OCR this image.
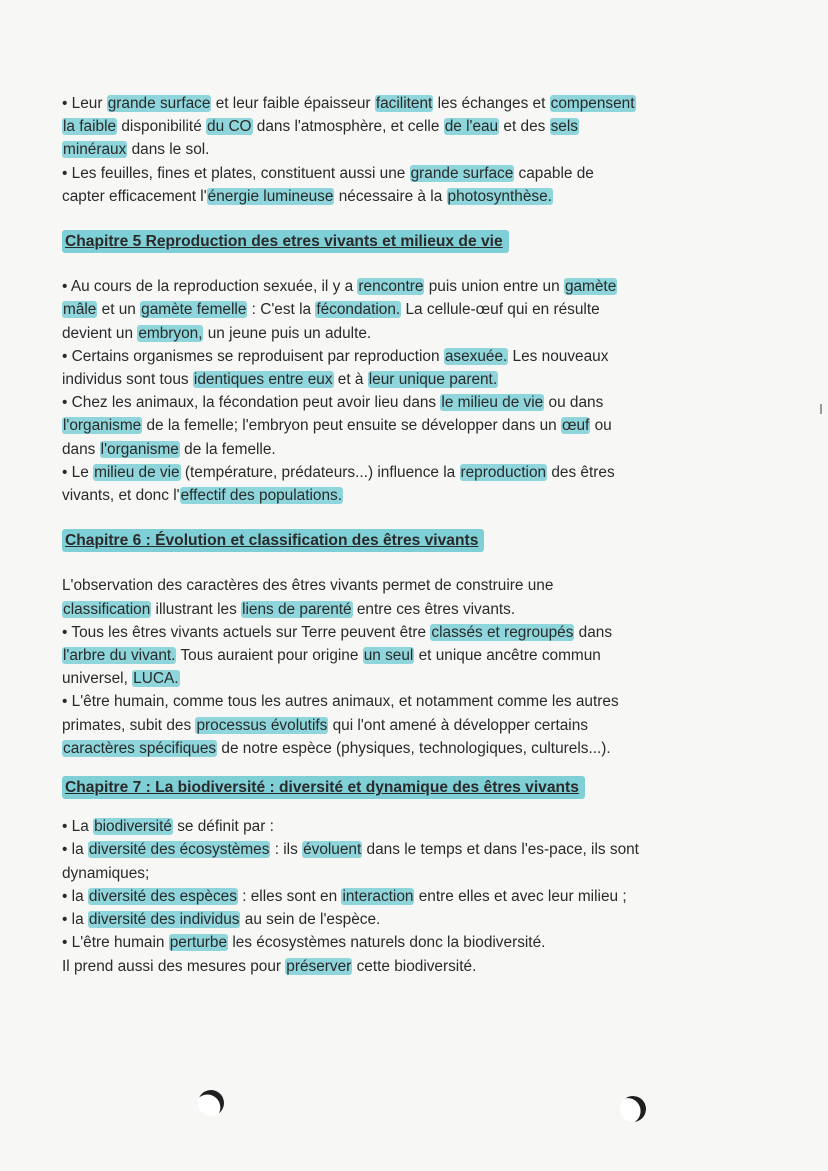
• Leur grande surface et leur faible épaisseur facilitent les échanges et compensent
la faible disponibilité du CO dans l'atmosphère, et celle de l'eau et des sels
minéraux dans le sol.
• Les feuilles, fines et plates, constituent aussi une grande surface capable de
capter efficacement l'énergie lumineuse nécessaire à la photosynthèse.
Chapitre 5 Reproduction des etres vivants et milieux de vie
• Au cours de la reproduction sexuée, il y a rencontre puis union entre un gamète
mâle et un gamète femelle : C'est la fécondation. La cellule-œuf qui en résulte
devient un embryon, un jeune puis un adulte.
• Certains organismes se reproduisent par reproduction asexuée. Les nouveaux
individus sont tous identiques entre eux et à leur unique parent.
• Chez les animaux, la fécondation peut avoir lieu dans le milieu de vie ou dans
l'organisme de la femelle; l'embryon peut ensuite se développer dans un œuf ou
dans l'organisme de la femelle.
• Le milieu de vie (température, prédateurs...) influence la reproduction des êtres
vivants, et donc l'effectif des populations.
Chapitre 6 : Évolution et classification des êtres vivants
L'observation des caractères des êtres vivants permet de construire une
classification illustrant les liens de parenté entre ces êtres vivants.
• Tous les êtres vivants actuels sur Terre peuvent être classés et regroupés dans
l'arbre du vivant. Tous auraient pour origine un seul et unique ancêtre commun
universel, LUCA.
• L'être humain, comme tous les autres animaux, et notamment comme les autres
primates, subit des processus évolutifs qui l'ont amené à développer certains
caractères spécifiques de notre espèce (physiques, technologiques, culturels...).
Chapitre 7 : La biodiversité : diversité et dynamique des êtres vivants
• La biodiversité se définit par :
• la diversité des écosystèmes : ils évoluent dans le temps et dans l'es-pace, ils sont
dynamiques;
• la diversité des espèces : elles sont en interaction entre elles et avec leur milieu ;
• la diversité des individus au sein de l'espèce.
• L'être humain perturbe les écosystèmes naturels donc la biodiversité.
Il prend aussi des mesures pour préserver cette biodiversité.
